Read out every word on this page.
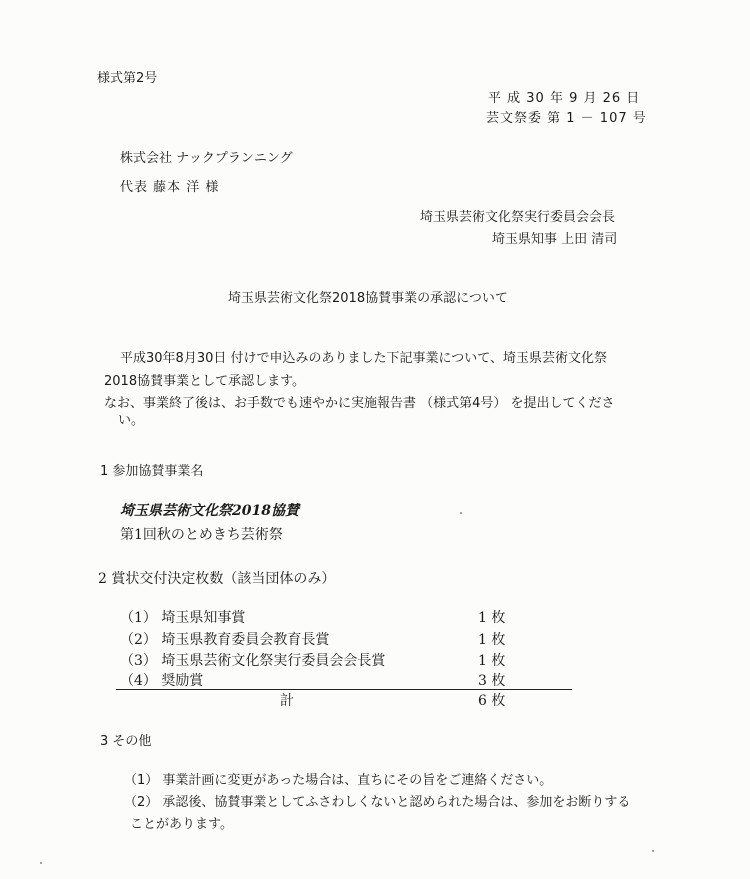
様式第2号
平 成 30 年 9 月 26 日
芸文祭委 第 1 － 107 号
株式会社 ナックプランニング
代表 藤本 洋 様
埼玉県芸術文化祭実行委員会会長
埼玉県知事 上田 清司
埼玉県芸術文化祭2018協賛事業の承認について
平成30年8月30日 付けで申込みのありました下記事業について、埼玉県芸術文化祭
2018協賛事業として承認します。
なお、事業終了後は、お手数でも速やかに実施報告書 （様式第4号） を提出してくださ
い。
1 参加協賛事業名
埼玉県芸術文化祭2018協賛
第1回秋のとめきち芸術祭
2 賞状交付決定枚数（該当団体のみ）
（1） 埼玉県知事賞	1 枚
（2） 埼玉県教育委員会教育長賞	1 枚
（3） 埼玉県芸術文化祭実行委員会会長賞	1 枚
（4） 奨励賞	3 枚
計	6 枚
3 その他
（1） 事業計画に変更があった場合は、直ちにその旨をご連絡ください。
（2） 承認後、協賛事業としてふさわしくないと認められた場合は、参加をお断りする
ことがあります。
